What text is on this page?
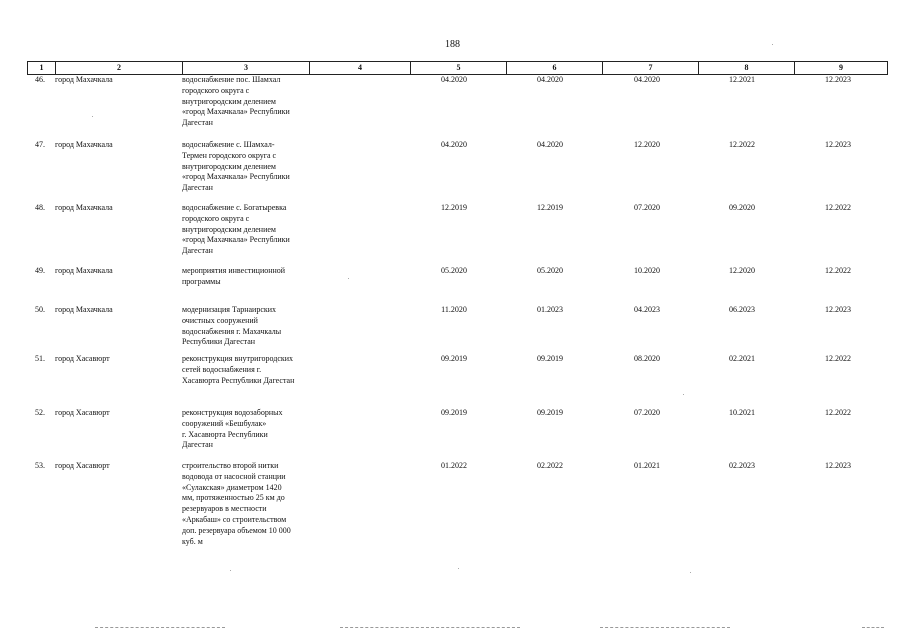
188
1	2	3	4	5	6	7	8	9
46. город Махачкала	водоснабжение пос. Шамхал
городского округа с
внутригородским делением
«город Махачкала» Республики
Дагестан
04.2020	04.2020	04.2020	12.2021	12.2023
47. город Махачкала	водоснабжение с. Шамхал-
Термен городского округа с
внутригородским делением
«город Махачкала» Республики
Дагестан
04.2020	04.2020	12.2020	12.2022	12.2023
48. город Махачкала	водоснабжение с. Богатыревка
городского округа с
внутригородским делением
«город Махачкала» Республики
Дагестан
12.2019	12.2019	07.2020	09.2020	12.2022
49. город Махачкала	мероприятия инвестиционной
программы
05.2020	05.2020	10.2020	12.2020	12.2022
50. город Махачкала	модернизация Тарнаирских
очистных сооружений
водоснабжения г. Махачкалы
Республики Дагестан
11.2020	01.2023	04.2023	06.2023	12.2023
51. город Хасавюрт	реконструкция внутригородских
сетей водоснабжения г.
Хасавюрта Республики Дагестан
09.2019	09.2019	08.2020	02.2021	12.2022
52. город Хасавюрт	реконструкция водозаборных
сооружений «Бешбулак»
г. Хасавюрта Республики
Дагестан
09.2019	09.2019	07.2020	10.2021	12.2022
53. город Хасавюрт	строительство второй нитки
водовода от насосной станции
«Сулакская» диаметром 1420
мм, протяженностью 25 км до
резервуаров в местности
«Аркабаш» со строительством
доп. резервуара объемом 10 000
куб. м
01.2022	02.2022	01.2021	02.2023	12.2023
